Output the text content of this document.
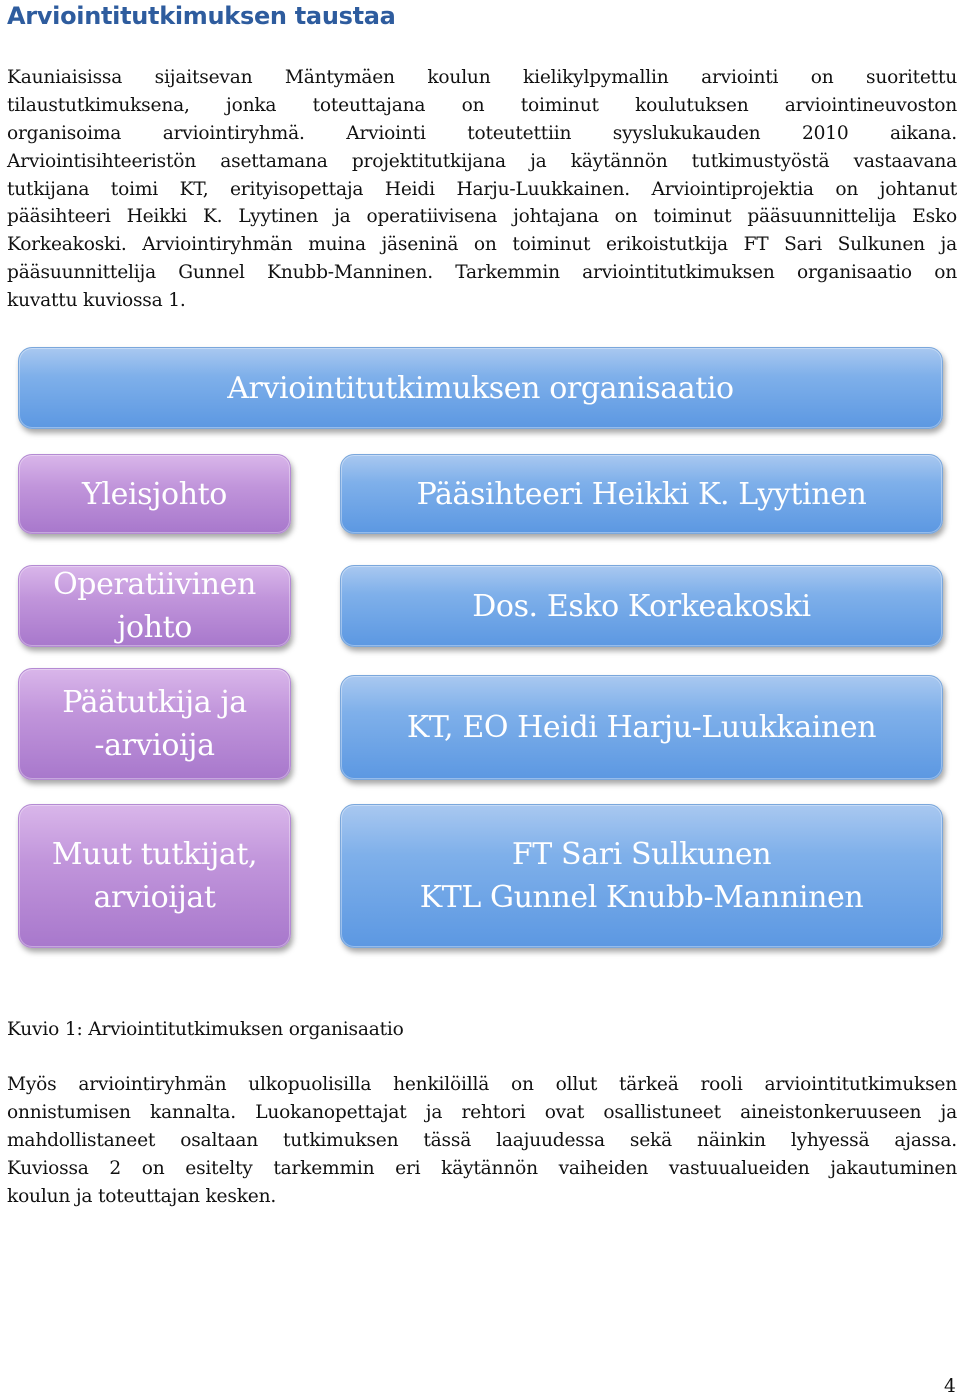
Arviointitutkimuksen taustaa
Kauniaisissa sijaitsevan Mäntymäen koulun kielikylpymallin arviointi on suoritettu
tilaustutkimuksena, jonka toteuttajana on toiminut koulutuksen arviointineuvoston
organisoima arviointiryhmä. Arviointi toteutettiin syyslukukauden 2010 aikana.
Arviointisihteeristön asettamana projektitutkijana ja käytännön tutkimustyöstä vastaavana
tutkijana toimi KT, erityisopettaja Heidi Harju-Luukkainen. Arviointiprojektia on johtanut
pääsihteeri Heikki K. Lyytinen ja operatiivisena johtajana on toiminut pääsuunnittelija Esko
Korkeakoski. Arviointiryhmän muina jäseninä on toiminut erikoistutkija FT Sari Sulkunen ja
pääsuunnittelija Gunnel Knubb-Manninen. Tarkemmin arviointitutkimuksen organisaatio on
kuvattu kuviossa 1.
Arviointitutkimuksen organisaatio
Yleisjohto	Pääsihteeri Heikki K. Lyytinen
Operatiivinen
johto
Dos. Esko Korkeakoski
Päätutkija ja
-arvioija
KT, EO Heidi Harju-Luukkainen
Muut tutkijat,
arvioijat
FT Sari Sulkunen
KTL Gunnel Knubb-Manninen
Kuvio 1: Arviointitutkimuksen organisaatio
Myös arviointiryhmän ulkopuolisilla henkilöillä on ollut tärkeä rooli arviointitutkimuksen
onnistumisen kannalta. Luokanopettajat ja rehtori ovat osallistuneet aineistonkeruuseen ja
mahdollistaneet osaltaan tutkimuksen tässä laajuudessa sekä näinkin lyhyessä ajassa.
Kuviossa 2 on esitelty tarkemmin eri käytännön vaiheiden vastuualueiden jakautuminen
koulun ja toteuttajan kesken.
4
